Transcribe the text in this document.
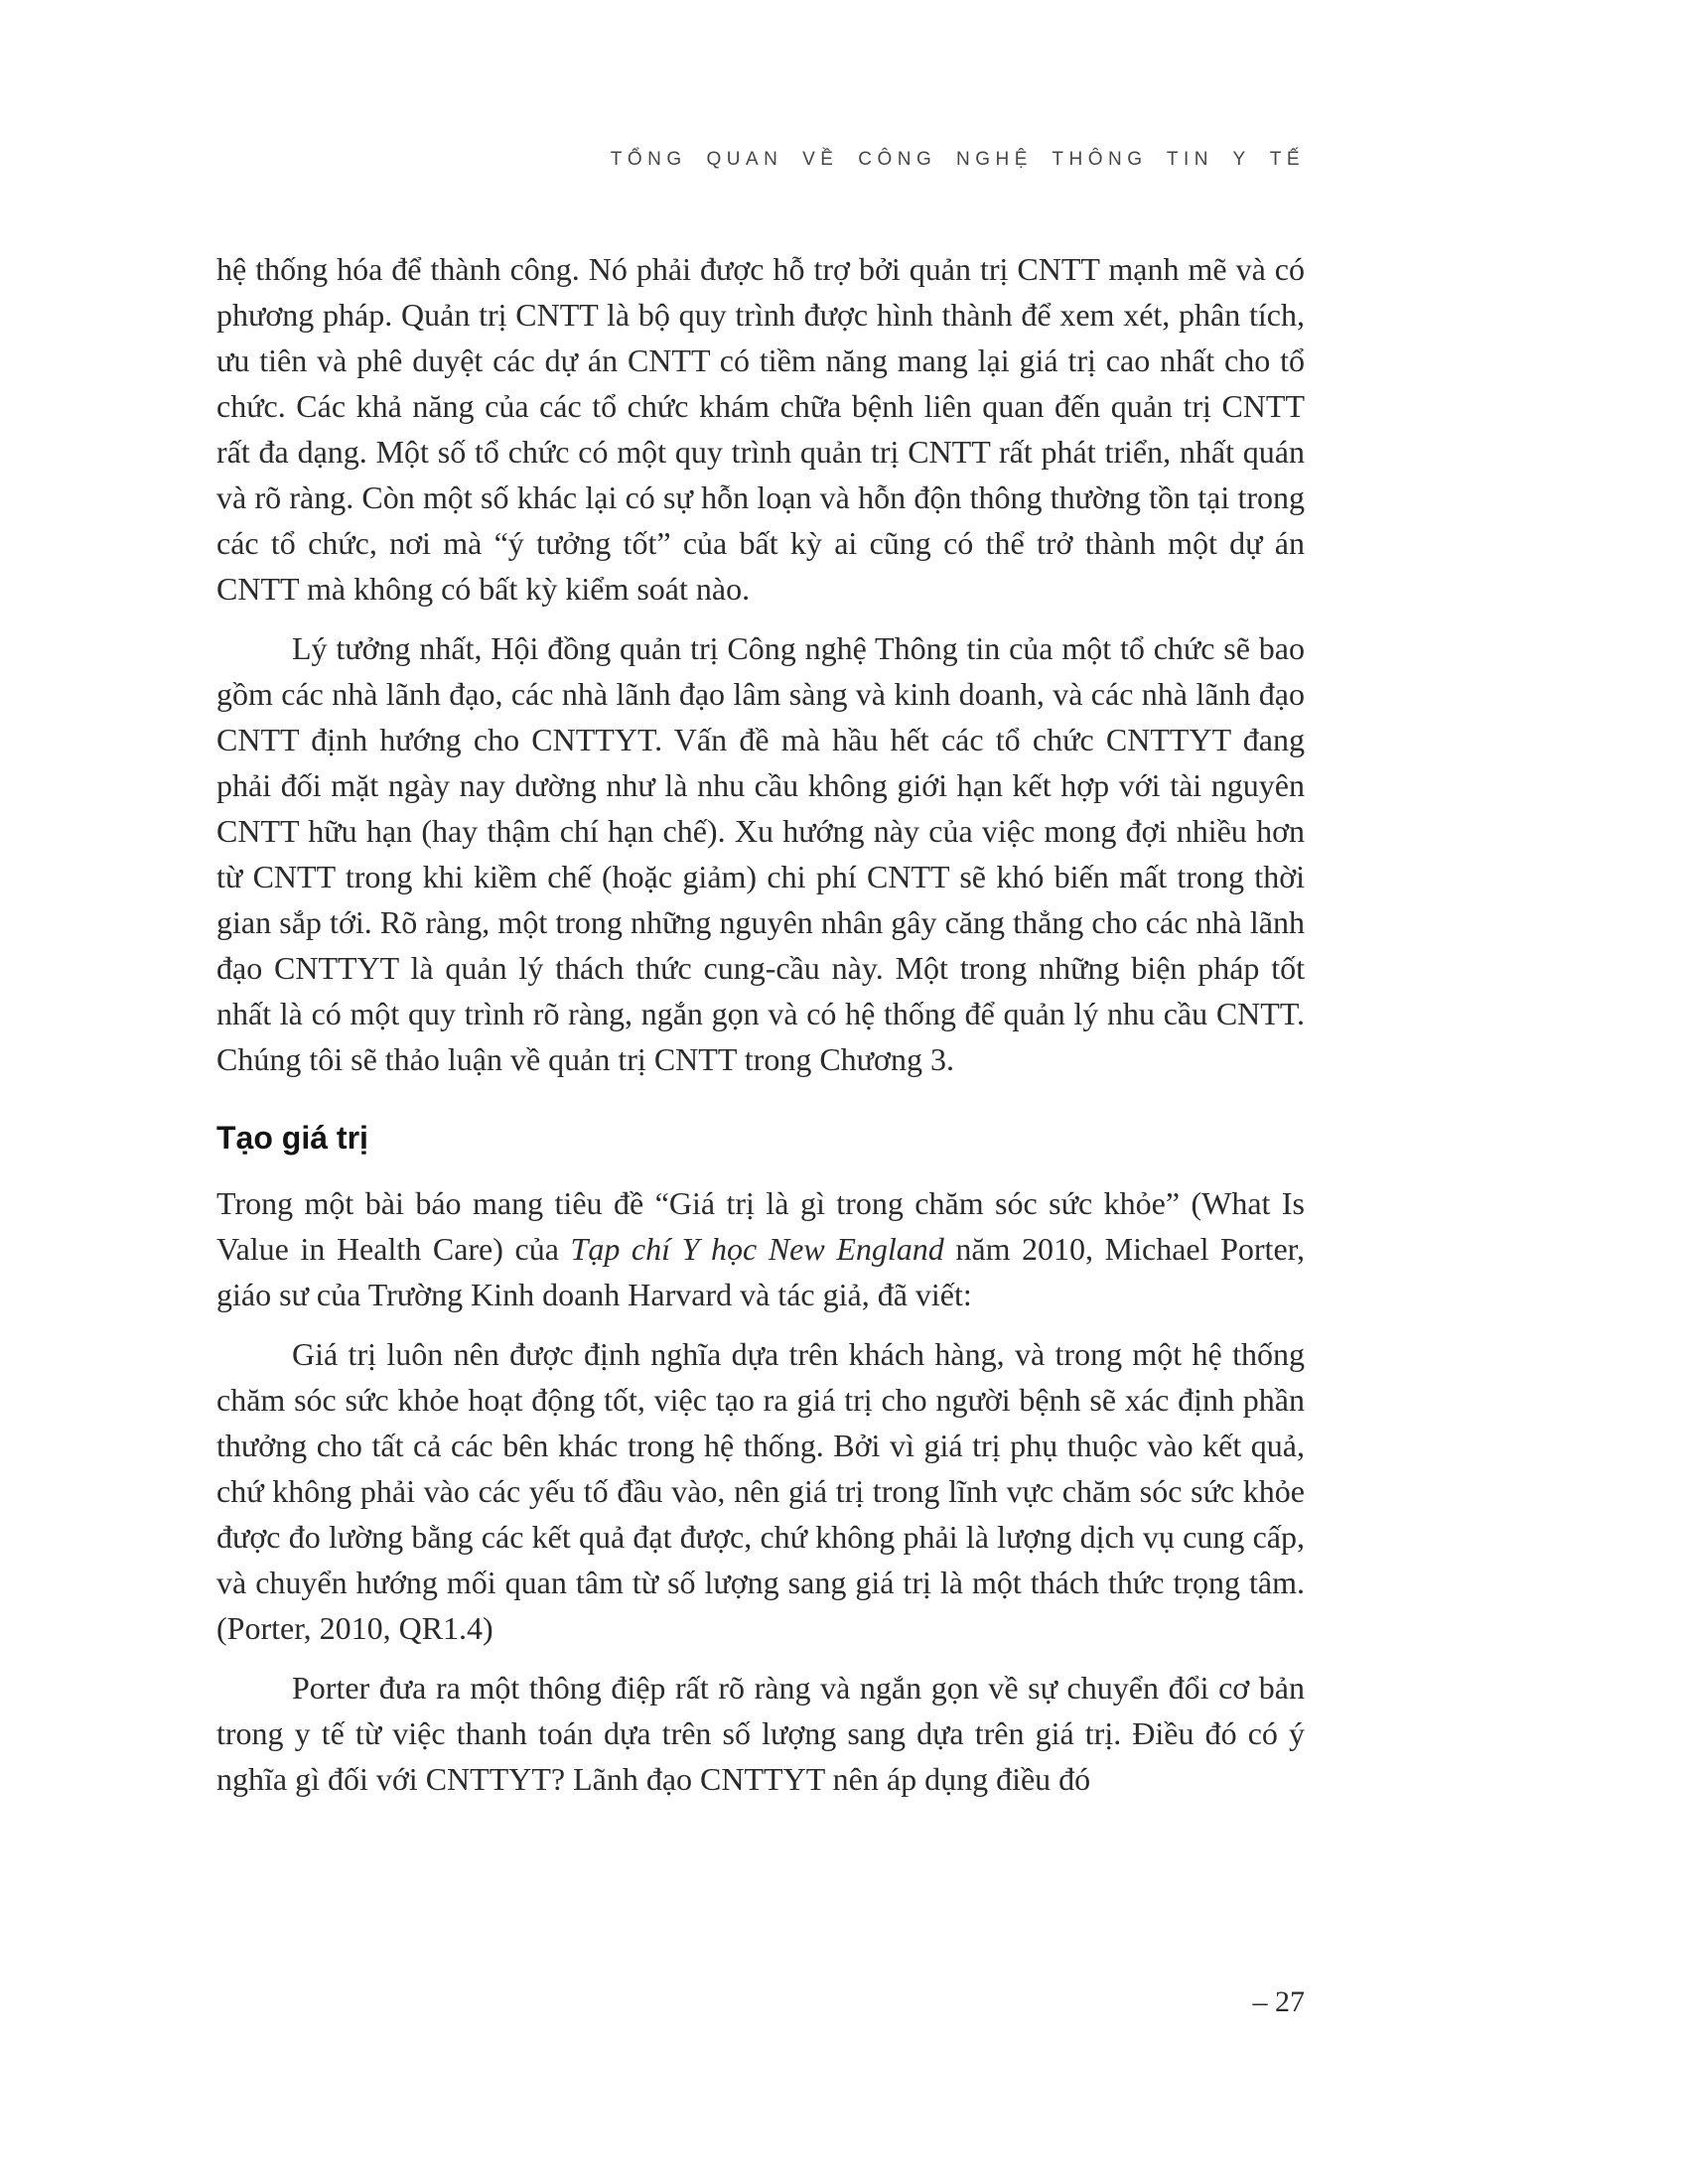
TỔNG QUAN VỀ CÔNG NGHỆ THÔNG TIN Y TẾ

hệ thống hóa để thành công. Nó phải được hỗ trợ bởi quản trị CNTT mạnh mẽ và có phương pháp. Quản trị CNTT là bộ quy trình được hình thành để xem xét, phân tích, ưu tiên và phê duyệt các dự án CNTT có tiềm năng mang lại giá trị cao nhất cho tổ chức. Các khả năng của các tổ chức khám chữa bệnh liên quan đến quản trị CNTT rất đa dạng. Một số tổ chức có một quy trình quản trị CNTT rất phát triển, nhất quán và rõ ràng. Còn một số khác lại có sự hỗn loạn và hỗn độn thông thường tồn tại trong các tổ chức, nơi mà “ý tưởng tốt” của bất kỳ ai cũng có thể trở thành một dự án CNTT mà không có bất kỳ kiểm soát nào.

Lý tưởng nhất, Hội đồng quản trị Công nghệ Thông tin của một tổ chức sẽ bao gồm các nhà lãnh đạo, các nhà lãnh đạo lâm sàng và kinh doanh, và các nhà lãnh đạo CNTT định hướng cho CNTTYT. Vấn đề mà hầu hết các tổ chức CNTTYT đang phải đối mặt ngày nay dường như là nhu cầu không giới hạn kết hợp với tài nguyên CNTT hữu hạn (hay thậm chí hạn chế). Xu hướng này của việc mong đợi nhiều hơn từ CNTT trong khi kiềm chế (hoặc giảm) chi phí CNTT sẽ khó biến mất trong thời gian sắp tới. Rõ ràng, một trong những nguyên nhân gây căng thẳng cho các nhà lãnh đạo CNTTYT là quản lý thách thức cung-cầu này. Một trong những biện pháp tốt nhất là có một quy trình rõ ràng, ngắn gọn và có hệ thống để quản lý nhu cầu CNTT. Chúng tôi sẽ thảo luận về quản trị CNTT trong Chương 3.

Tạo giá trị

Trong một bài báo mang tiêu đề “Giá trị là gì trong chăm sóc sức khỏe” (What Is Value in Health Care) của Tạp chí Y học New England năm 2010, Michael Porter, giáo sư của Trường Kinh doanh Harvard và tác giả, đã viết:

Giá trị luôn nên được định nghĩa dựa trên khách hàng, và trong một hệ thống chăm sóc sức khỏe hoạt động tốt, việc tạo ra giá trị cho người bệnh sẽ xác định phần thưởng cho tất cả các bên khác trong hệ thống. Bởi vì giá trị phụ thuộc vào kết quả, chứ không phải vào các yếu tố đầu vào, nên giá trị trong lĩnh vực chăm sóc sức khỏe được đo lường bằng các kết quả đạt được, chứ không phải là lượng dịch vụ cung cấp, và chuyển hướng mối quan tâm từ số lượng sang giá trị là một thách thức trọng tâm. (Porter, 2010, QR1.4)

Porter đưa ra một thông điệp rất rõ ràng và ngắn gọn về sự chuyển đổi cơ bản trong y tế từ việc thanh toán dựa trên số lượng sang dựa trên giá trị. Điều đó có ý nghĩa gì đối với CNTTYT? Lãnh đạo CNTTYT nên áp dụng điều đó

– 27
